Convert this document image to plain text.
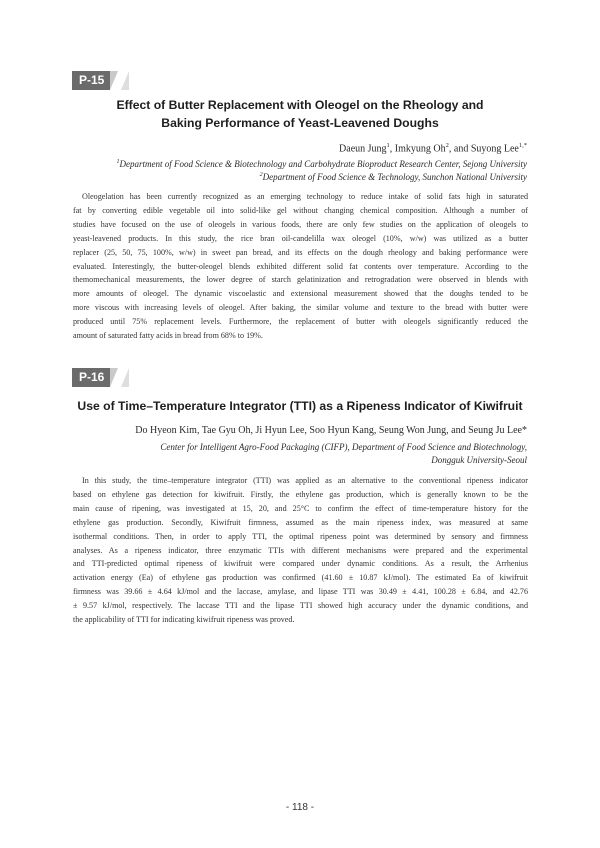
P-15
Effect of Butter Replacement with Oleogel on the Rheology and
Baking Performance of Yeast-Leavened Doughs
Daeun Jung$^1$, Imkyung Oh$^2$, and Suyong Lee$^{1,*}$
$^1$Department of Food Science & Biotechnology and Carbohydrate Bioproduct Research Center, Sejong University
$^2$Department of Food Science & Technology, Sunchon National University
Oleogelation has been currently recognized as an emerging technology to reduce intake of solid fats high in saturated
fat by converting edible vegetable oil into solid-like gel without changing chemical composition. Although a number of
studies have focused on the use of oleogels in various foods, there are only few studies on the application of oleogels to
yeast-leavened products. In this study, the rice bran oil-candelilla wax oleogel (10%, w/w) was utilized as a butter
replacer (25, 50, 75, 100%, w/w) in sweet pan bread, and its effects on the dough rheology and baking performance were
evaluated. Interestingly, the butter-oleogel blends exhibited different solid fat contents over temperature. According to the
themomechanical measurements, the lower degree of starch gelatinization and retrogradation were observed in blends with
more amounts of oleogel. The dynamic viscoelastic and extensional measurement showed that the doughs tended to be
more viscous with increasing levels of oleogel. After baking, the similar volume and texture to the bread with butter were
produced until 75% replacement levels. Furthermore, the replacement of butter with oleogels significantly reduced the
amount of saturated fatty acids in bread from 68% to 19%.
P-16
Use of Time–Temperature Integrator (TTI) as a Ripeness Indicator of Kiwifruit
Do Hyeon Kim, Tae Gyu Oh, Ji Hyun Lee, Soo Hyun Kang, Seung Won Jung, and Seung Ju Lee*
Center for Intelligent Agro-Food Packaging (CIFP), Department of Food Science and Biotechnology,
Dongguk University-Seoul
In this study, the time–temperature integrator (TTI) was applied as an alternative to the conventional ripeness indicator
based on ethylene gas detection for kiwifruit. Firstly, the ethylene gas production, which is generally known to be the
main cause of ripening, was investigated at 15, 20, and 25°C to confirm the effect of time-temperature history for the
ethylene gas production. Secondly, Kiwifruit firmness, assumed as the main ripeness index, was measured at same
isothermal conditions. Then, in order to apply TTI, the optimal ripeness point was determined by sensory and firmness
analyses. As a ripeness indicator, three enzymatic TTIs with different mechanisms were prepared and the experimental
and TTI-predicted optimal ripeness of kiwifruit were compared under dynamic conditions. As a result, the Arrhenius
activation energy (Ea) of ethylene gas production was confirmed (41.60 ± 10.87 kJ/mol). The estimated Ea of kiwifruit
firmness was 39.66 ± 4.64 kJ/mol and the laccase, amylase, and lipase TTI was 30.49 ± 4.41, 100.28 ± 6.84, and 42.76
± 9.57 kJ/mol, respectively. The laccase TTI and the lipase TTI showed high accuracy under the dynamic conditions, and
the applicability of TTI for indicating kiwifruit ripeness was proved.
- 118 -
